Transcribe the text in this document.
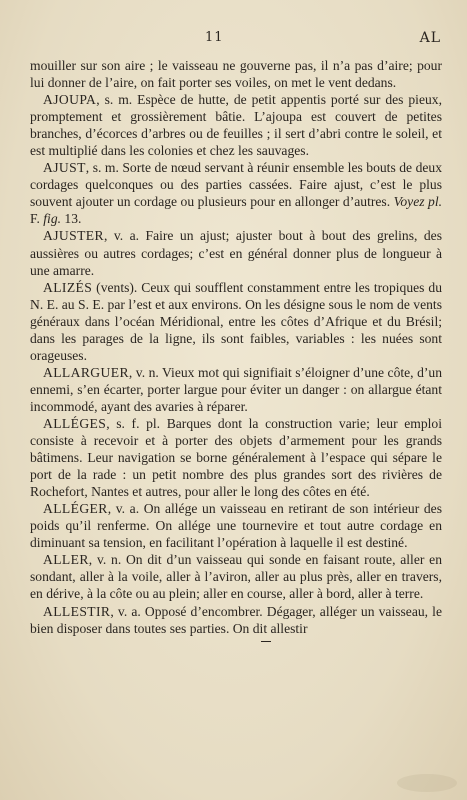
11	AL

mouiller sur son aire ; le vaisseau ne gouverne pas, il n’a pas d’aire; pour lui donner de l’aire, on fait porter ses voiles, on met le vent dedans.

AJOUPA, s. m. Espèce de hutte, de petit appentis porté sur des pieux, promptement et grossièrement bâtie. L’ajoupa est couvert de petites branches, d’écorces d’arbres ou de feuilles ; il sert d’abri contre le soleil, et est multiplié dans les colonies et chez les sauvages.

AJUST, s. m. Sorte de nœud servant à réunir ensemble les bouts de deux cordages quelconques ou des parties cassées. Faire ajust, c’est le plus souvent ajouter un cordage ou plusieurs pour en allonger d’autres. Voyez pl. F. fig. 13.

AJUSTER, v. a. Faire un ajust; ajuster bout à bout des grelins, des aussières ou autres cordages; c’est en général donner plus de longueur à une amarre.

ALIZÉS (vents). Ceux qui soufflent constamment entre les tropiques du N. E. au S. E. par l’est et aux environs. On les désigne sous le nom de vents généraux dans l’océan Méridional, entre les côtes d’Afrique et du Brésil; dans les parages de la ligne, ils sont faibles, variables : les nuées sont orageuses.

ALLARGUER, v. n. Vieux mot qui signifiait s’éloigner d’une côte, d’un ennemi, s’en écarter, porter largue pour éviter un danger : on allargue étant incommodé, ayant des avaries à réparer.

ALLÉGES, s. f. pl. Barques dont la construction varie; leur emploi consiste à recevoir et à porter des objets d’armement pour les grands bâtimens. Leur navigation se borne généralement à l’espace qui sépare le port de la rade : un petit nombre des plus grandes sort des rivières de Rochefort, Nantes et autres, pour aller le long des côtes en été.

ALLÉGER, v. a. On allége un vaisseau en retirant de son intérieur des poids qu’il renferme. On allége une tournevire et tout autre cordage en diminuant sa tension, en facilitant l’opération à laquelle il est destiné.

ALLER, v. n. On dit d’un vaisseau qui sonde en faisant route, aller en sondant, aller à la voile, aller à l’aviron, aller au plus près, aller en travers, en dérive, à la côte ou au plein; aller en course, aller à bord, aller à terre.

ALLESTIR, v. a. Opposé d’encombrer. Dégager, alléger un vaisseau, le bien disposer dans toutes ses parties. On dit allestir
